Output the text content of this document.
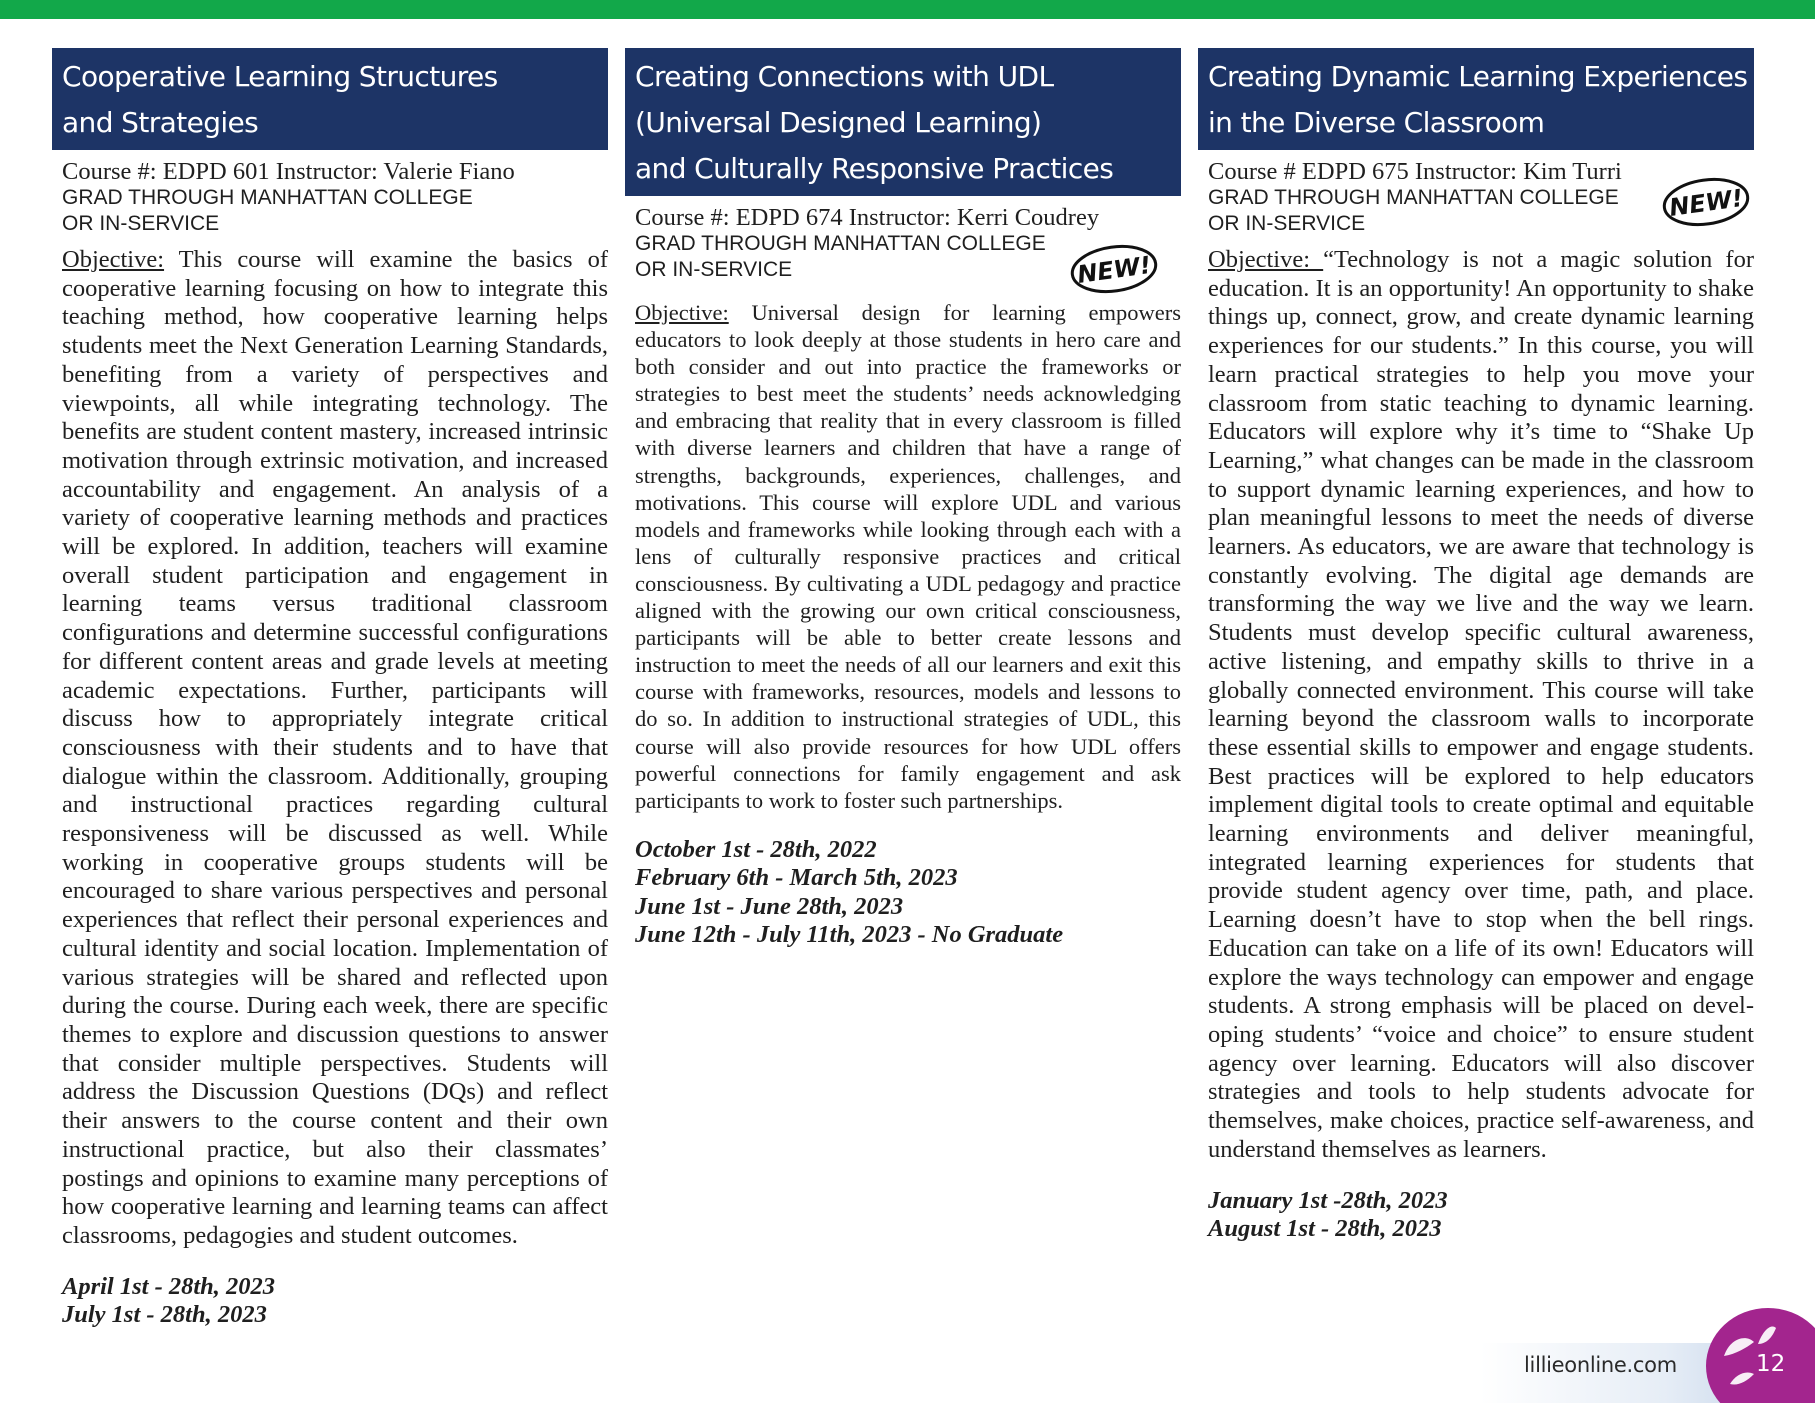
Cooperative Learning Structures
and Strategies
Course #: EDPD 601 Instructor: Valerie Fiano
GRAD THROUGH MANHATTAN COLLEGE
OR IN-SERVICE

Objective: This course will examine the basics of cooperative learning focusing on how to integrate this teaching method, how cooperative learning helps students meet the Next Generation Learning Standards, benefiting from a variety of perspectives and viewpoints, all while integrating technology. The benefits are student content mastery, increased intrinsic motivation through extrinsic motivation, and increased accountability and engagement. An analysis of a variety of cooperative learning methods and practices will be explored. In addition, teachers will examine overall student participation and engagement in learning teams versus traditional classroom configurations and determine successful configurations for different content areas and grade levels at meeting academic expectations. Further, participants will discuss how to appropriately integrate critical consciousness with their students and to have that dialogue within the classroom. Additionally, grouping and instructional practices regarding cultural responsiveness will be discussed as well. While working in cooperative groups students will be encouraged to share various perspectives and personal experiences that reflect their personal experiences and cultural identity and social location. Implementation of various strategies will be shared and reflected upon during the course. During each week, there are specific themes to explore and discussion questions to answer that consider multiple perspectives. Students will address the Discussion Questions (DQs) and reflect their answers to the course content and their own instructional practice, but also their classmates’ postings and opinions to examine many perceptions of how cooperative learning and learning teams can affect classrooms, pedagogies and student outcomes.

April 1st - 28th, 2023
July 1st - 28th, 2023
Creating Connections with UDL
(Universal Designed Learning)
and Culturally Responsive Practices
Course #: EDPD 674 Instructor: Kerri Coudrey
GRAD THROUGH MANHATTAN COLLEGE
OR IN-SERVICE

Objective: Universal design for learning empowers educators to look deeply at those students in hero care and both consider and out into practice the frameworks or strategies to best meet the students’ needs acknowledging and embracing that reality that in every classroom is filled with diverse learners and children that have a range of strengths, backgrounds, experiences, challenges, and motivations. This course will explore UDL and various models and frameworks while looking through each with a lens of culturally responsive practices and critical consciousness. By cultivating a UDL pedagogy and practice aligned with the growing our own critical consciousness, participants will be able to better create lessons and instruction to meet the needs of all our learners and exit this course with frameworks, resources, models and lessons to do so. In addition to instructional strategies of UDL, this course will also provide resources for how UDL offers powerful connections for family engagement and ask participants to work to foster such partnerships.

October 1st - 28th, 2022
February 6th - March 5th, 2023
June 1st - June 28th, 2023
June 12th - July 11th, 2023 - No Graduate
Creating Dynamic Learning Experiences
in the Diverse Classroom
Course # EDPD 675 Instructor: Kim Turri
GRAD THROUGH MANHATTAN COLLEGE
OR IN-SERVICE

Objective: “Technology is not a magic solution for education. It is an opportunity! An opportunity to shake things up, connect, grow, and create dynamic learning experiences for our students.” In this course, you will learn practical strategies to help you move your classroom from static teaching to dynamic learning. Educators will explore why it’s time to “Shake Up Learning,” what changes can be made in the classroom to support dynamic learning experiences, and how to plan meaningful lessons to meet the needs of diverse learners. As educators, we are aware that technology is constantly evolving. The digital age demands are transforming the way we live and the way we learn. Students must develop specific cultural awareness, active listening, and empathy skills to thrive in a globally connected environment. This course will take learning beyond the classroom walls to incorporate these essential skills to empower and engage students. Best practices will be explored to help educators implement digital tools to create optimal and equitable learning environments and deliver meaningful, integrated learning experiences for students that provide student agency over time, path, and place. Learning doesn’t have to stop when the bell rings. Education can take on a life of its own! Educators will explore the ways technology can empower and engage students. A strong emphasis will be placed on developing students’ “voice and choice” to ensure student agency over learning. Educators will also discover strategies and tools to help students advocate for themselves, make choices, practice self-awareness, and understand themselves as learners.

January 1st -28th, 2023
August 1st - 28th, 2023
NEW!
NEW!
lillieonline.com	12
